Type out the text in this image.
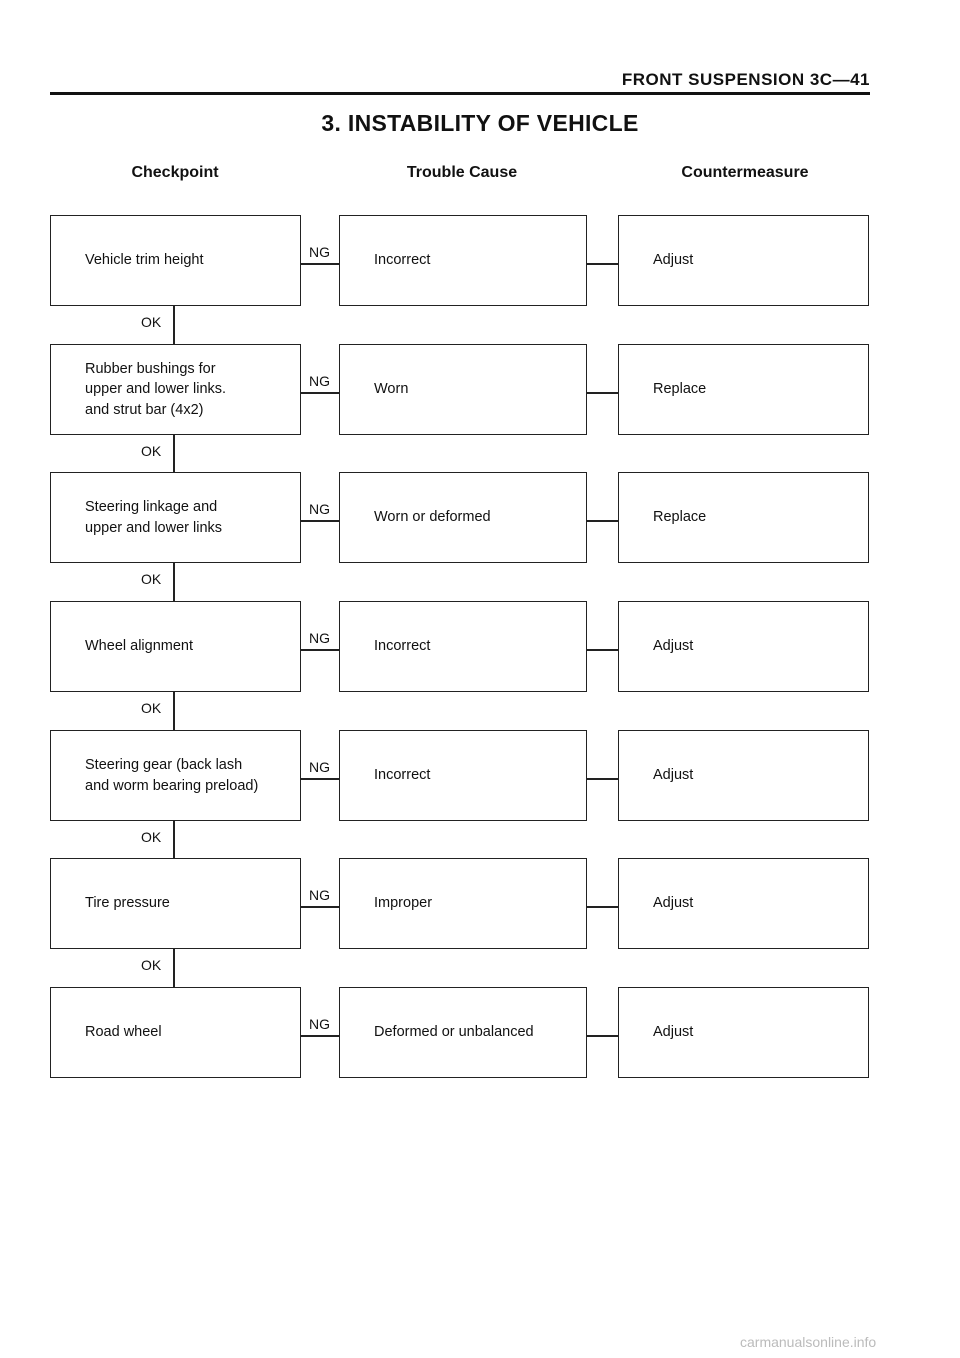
FRONT SUSPENSION 3C—41
3. INSTABILITY OF VEHICLE
Checkpoint	Trouble Cause	Countermeasure
Vehicle trim height	Incorrect	Adjust
NG
OK
Rubber bushings for
upper and lower links.
and strut bar (4x2)
Worn	Replace
NG
OK
Steering linkage and
upper and lower links
Worn or deformed	Replace
NG
OK
Wheel alignment	Incorrect	Adjust
NG
OK
Steering gear (back lash
and worm bearing preload)
Incorrect	Adjust
NG
OK
Tire pressure	Improper	Adjust
NG
OK
Road wheel	Deformed or unbalanced	Adjust
NG
carmanualsonline.info
